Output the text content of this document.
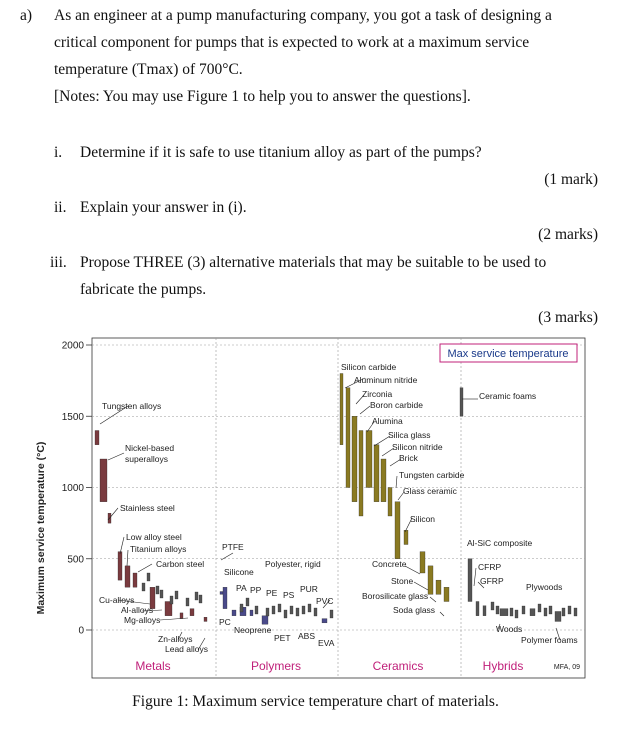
a) As an engineer at a pump manufacturing company, you got a task of designing a
critical component for pumps that is expected to work at a maximum service
temperature (Tmax) of 700°C.
[Notes: You may use Figure 1 to help you to answer the questions].
i. Determine if it is safe to use titanium alloy as part of the pumps?
(1 mark)
ii. Explain your answer in (i).
(2 marks)
iii. Propose THREE (3) alternative materials that may be suitable to be used to
fabricate the pumps.
(3 marks)
Metals	Polymers	Ceramics	Hybrids
Tungsten alloys
Nickel-based
superalloys
Stainless steel
Low alloy steel
Titanium alloys
Carbon steel
Cu-alloys
Al-alloys
Mg-alloys
Zn-alloys
Lead alloys
PTFE
Silicone
Polyester, rigid
PA PP PE PS
PUR
PVC
PC
Neoprene
PET ABS
EVA
Silicon carbide
Aluminum nitride
Zirconia
Boron carbide
Alumina
Silica glass
Silicon nitride
Brick
Tungsten carbide
Glass ceramic
Silicon
Concrete
Stone
Borosilicate glass
Soda glass
Ceramic foams
Al-SiC composite
CFRP
GFRP
Plywoods
Woods
Polymer foams
0
500
1000
1500
2000
Max service temperature
Maximum service temperature (°C)
MFA, 09
Figure 1: Maximum service temperature chart of materials.
